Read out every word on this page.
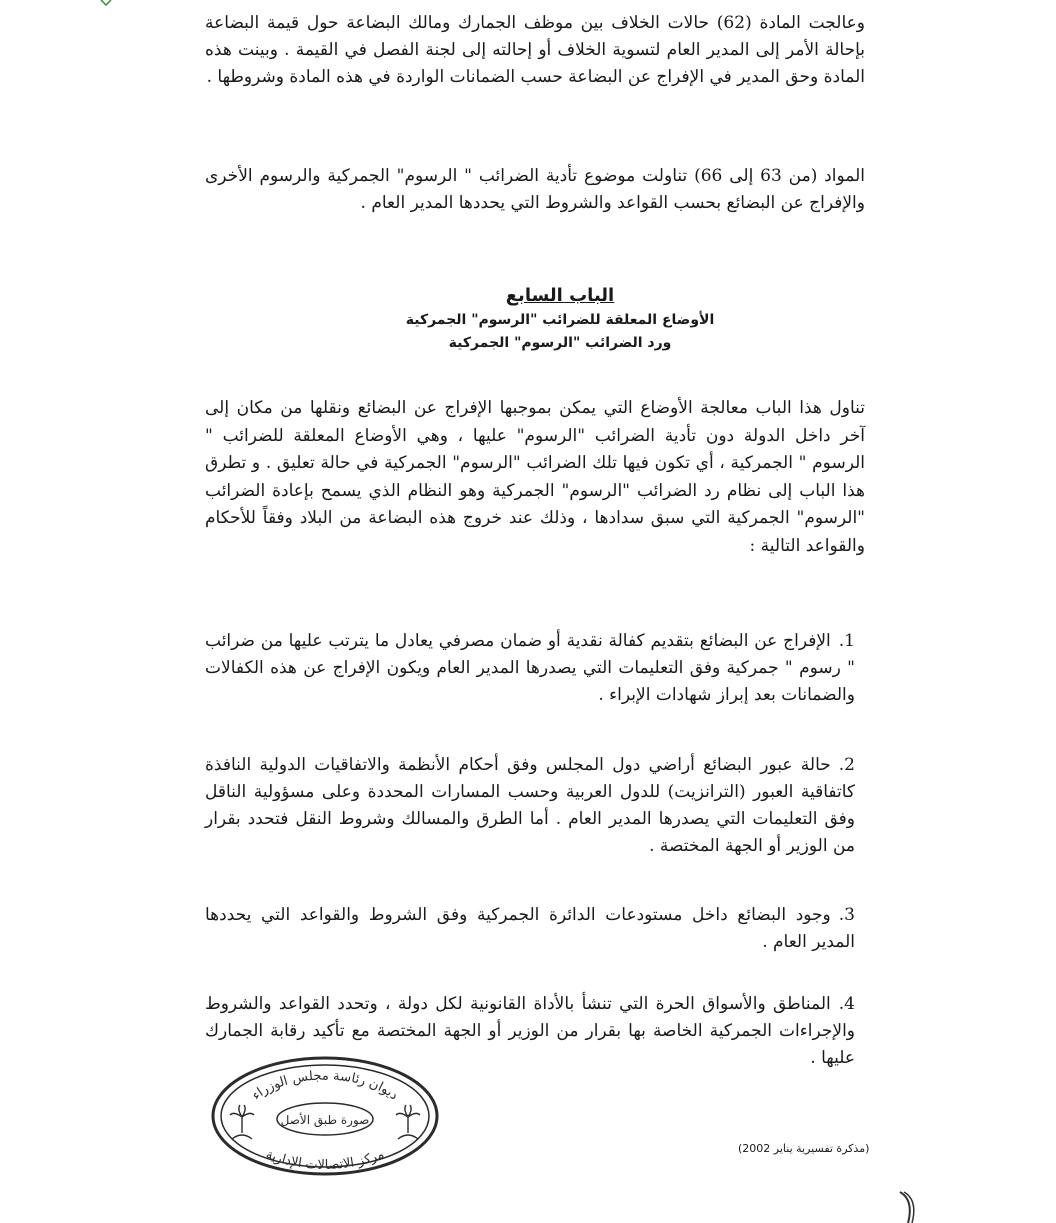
وعالجت المادة (62) حالات الخلاف بين موظف الجمارك ومالك البضاعة حول قيمة البضاعة بإحالة الأمر إلى المدير العام لتسوية الخلاف أو إحالته إلى لجنة الفصل في القيمة . وبينت هذه المادة وحق المدير في الإفراج عن البضاعة حسب الضمانات الواردة في هذه المادة وشروطها .

المواد (من 63 إلى 66) تناولت موضوع تأدية الضرائب " الرسوم" الجمركية والرسوم الأخرى والإفراج عن البضائع بحسب القواعد والشروط التي يحددها المدير العام .

الباب السابع
الأوضاع المعلقة للضرائب "الرسوم" الجمركية
ورد الضرائب "الرسوم" الجمركية

تناول هذا الباب معالجة الأوضاع التي يمكن بموجبها الإفراج عن البضائع ونقلها من مكان إلى آخر داخل الدولة دون تأدية الضرائب "الرسوم" عليها ، وهي الأوضاع المعلقة للضرائب " الرسوم " الجمركية ، أي تكون فيها تلك الضرائب "الرسوم" الجمركية في حالة تعليق . و تطرق هذا الباب إلى نظام رد الضرائب "الرسوم" الجمركية وهو النظام الذي يسمح بإعادة الضرائب "الرسوم" الجمركية التي سبق سدادها ، وذلك عند خروج هذه البضاعة من البلاد وفقاً للأحكام والقواعد التالية :

1.الإفراج عن البضائع بتقديم كفالة نقدية أو ضمان مصرفي يعادل ما يترتب عليها من ضرائب " رسوم " جمركية وفق التعليمات التي يصدرها المدير العام ويكون الإفراج عن هذه الكفالات والضمانات بعد إبراز شهادات الإبراء .
2.حالة عبور البضائع أراضي دول المجلس وفق أحكام الأنظمة والاتفاقيات الدولية النافذة كاتفاقية العبور (الترانزيت) للدول العربية وحسب المسارات المحددة وعلى مسؤولية الناقل وفق التعليمات التي يصدرها المدير العام . أما الطرق والمسالك وشروط النقل فتحدد بقرار من الوزير أو الجهة المختصة .
3.وجود البضائع داخل مستودعات الدائرة الجمركية وفق الشروط والقواعد التي يحددها المدير العام .
4.المناطق والأسواق الحرة التي تنشأ بالأداة القانونية لكل دولة ، وتحدد القواعد والشروط والإجراءات الجمركية الخاصة بها بقرار من الوزير أو الجهة المختصة مع تأكيد رقابة الجمارك عليها .
ديوان رئاسة مجلس الوزراء
مركز الاتصالات الإدارية
صورة طبق الأصل
(مذكرة تفسيرية يناير 2002)
